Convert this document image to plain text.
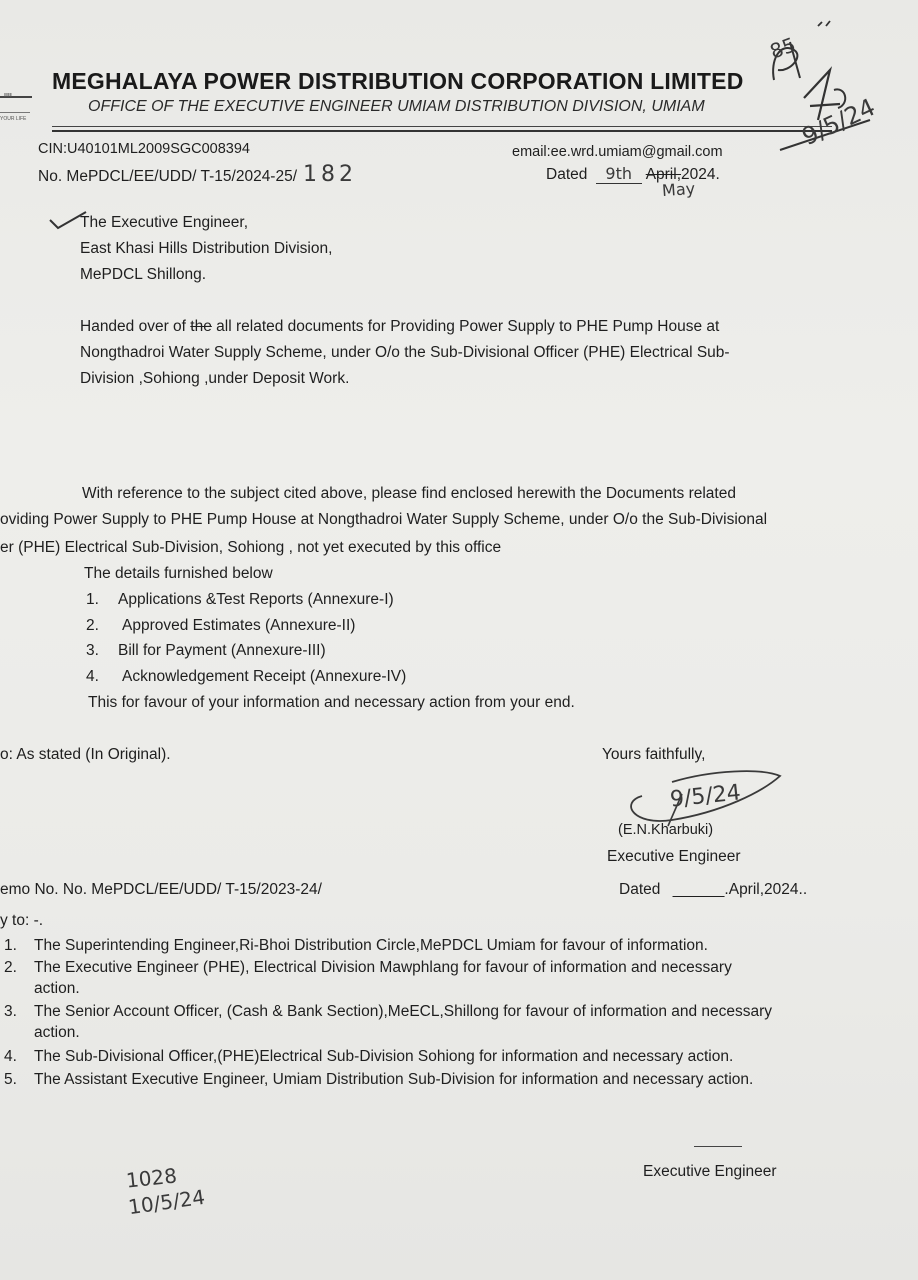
ıııı
YOUR LIFE
MEGHALAYA POWER DISTRIBUTION CORPORATION LIMITED
OFFICE OF THE EXECUTIVE ENGINEER UMIAM DISTRIBUTION DIVISION, UMIAM
85
9/5/24
CIN:U40101ML2009SGC008394	email:ee.wrd.umiam@gmail.com
No. MePDCL/EE/UDD/ T-15/2024-25/ 182	Dated 9th April,2024.
May
The Executive Engineer,
East Khasi Hills Distribution Division,
MePDCL Shillong.
Handed over of the all related documents for Providing Power Supply to PHE Pump House at
Nongthadroi Water Supply Scheme, under O/o the Sub-Divisional Officer (PHE) Electrical Sub-
Division ,Sohiong ,under Deposit Work.
With reference to the subject cited above, please find enclosed herewith the Documents related
oviding Power Supply to PHE Pump House at Nongthadroi Water Supply Scheme, under O/o the Sub-Divisional
er (PHE) Electrical Sub-Division, Sohiong , not yet executed by this office
The details furnished below
1. Applications &Test Reports (Annexure-I)
2. Approved Estimates (Annexure-II)
3. Bill for Payment (Annexure-III)
4. Acknowledgement Receipt (Annexure-IV)
This for favour of your information and necessary action from your end.
o: As stated (In Original).	Yours faithfully,
9/5/24
(E.N.Kharbuki)
Executive Engineer
emo No. No. MePDCL/EE/UDD/ T-15/2023-24/	Dated ______.April,2024..
y to: -.
1. The Superintending Engineer,Ri-Bhoi Distribution Circle,MePDCL Umiam for favour of information.
2. The Executive Engineer (PHE), Electrical Division Mawphlang for favour of information and necessary
action.
3. The Senior Account Officer, (Cash & Bank Section),MeECL,Shillong for favour of information and necessary
action.
4. The Sub-Divisional Officer,(PHE)Electrical Sub-Division Sohiong for information and necessary action.
5. The Assistant Executive Engineer, Umiam Distribution Sub-Division for information and necessary action.
Executive Engineer
1028
10/5/24
